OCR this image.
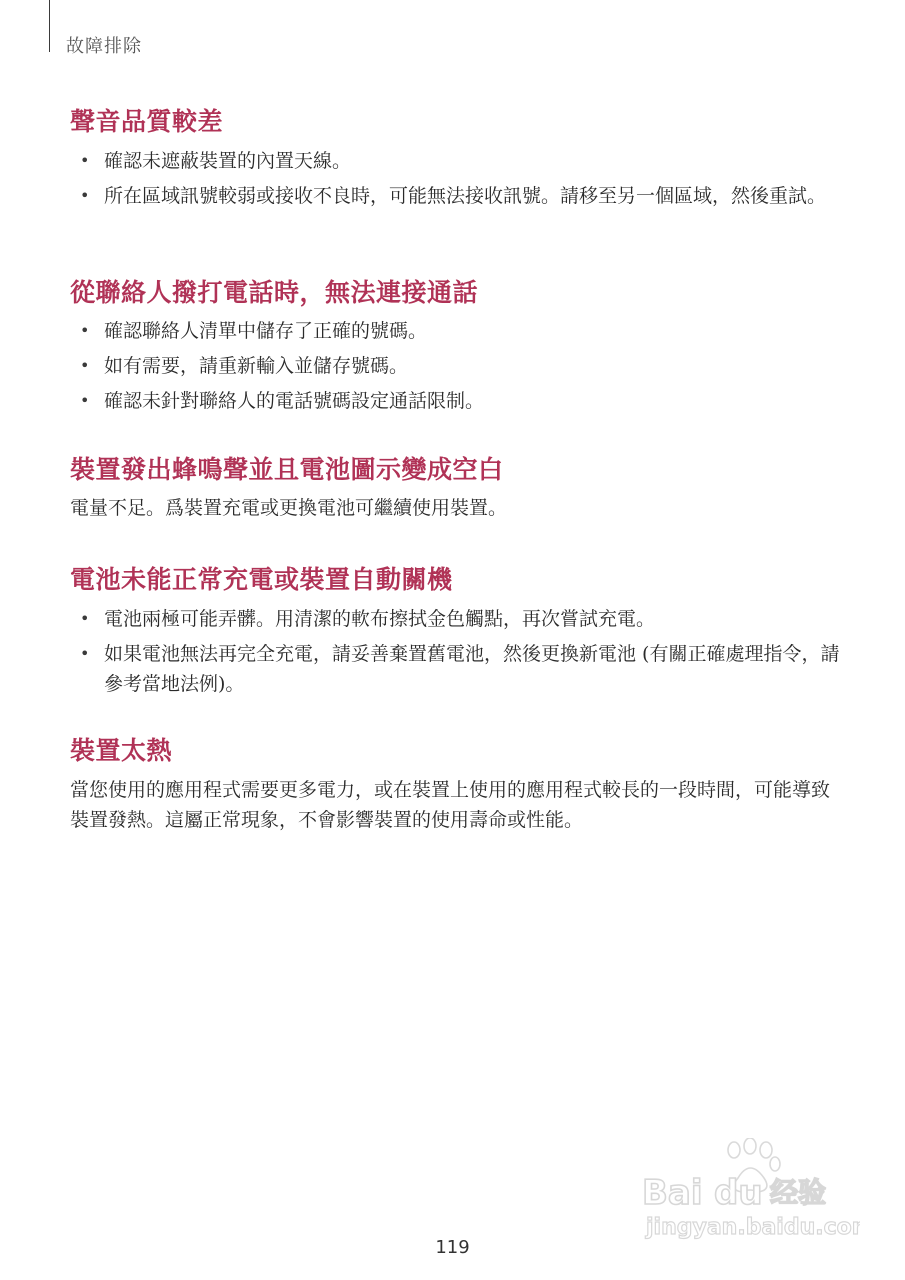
故障排除
聲音品質較差
• 確認未遮蔽裝置的內置天線。
• 所在區域訊號較弱或接收不良時，可能無法接收訊號。請移至另一個區域，然後重試。
從聯絡人撥打電話時，無法連接通話
• 確認聯絡人清單中儲存了正確的號碼。
• 如有需要，請重新輸入並儲存號碼。
• 確認未針對聯絡人的電話號碼設定通話限制。
裝置發出蜂鳴聲並且電池圖示變成空白

電量不足。爲裝置充電或更換電池可繼續使用裝置。

電池未能正常充電或裝置自動關機
• 電池兩極可能弄髒。用清潔的軟布擦拭金色觸點，再次嘗試充電。
• 如果電池無法再完全充電，請妥善棄置舊電池，然後更換新電池 (有關正確處理指令，請參考當地法例)。
裝置太熱

當您使用的應用程式需要更多電力，或在裝置上使用的應用程式較長的一段時間，可能導致裝置發熱。這屬正常現象，不會影響裝置的使用壽命或性能。

Bai du 经验
jingyan.baidu.com
119
